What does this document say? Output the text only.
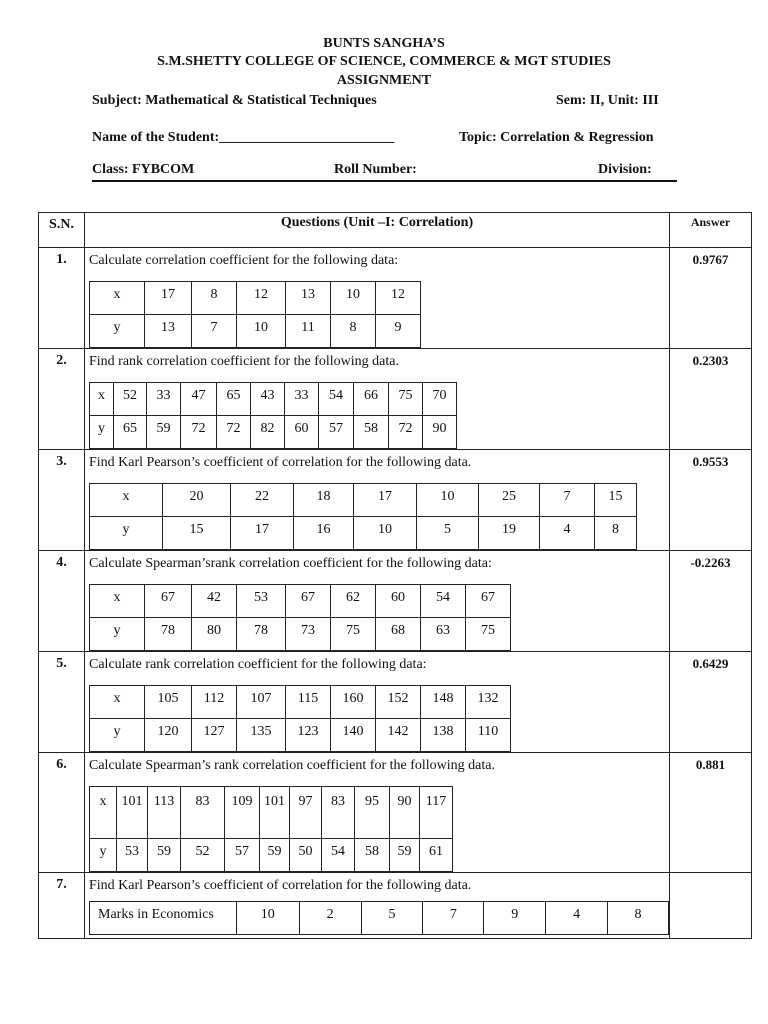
BUNTS SANGHA’S
S.M.SHETTY COLLEGE OF SCIENCE, COMMERCE & MGT STUDIES
ASSIGNMENT
Subject: Mathematical & Statistical Techniques	Sem: II, Unit: III
Name of the Student:_________________________	Topic: Correlation & Regression
Class: FYBCOM	Roll Number:	Division:
S.N.	Questions (Unit –I: Correlation)	Answer
1.	Calculate correlation coefficient for the following data:
x	17	8	12	13	10	12
y	13	7	10	11	8	9
	0.9767
2.	Find rank correlation coefficient for the following data.
x	52	33	47	65	43	33	54	66	75	70
y	65	59	72	72	82	60	57	58	72	90
	0.2303
3.	Find Karl Pearson’s coefficient of correlation for the following data.
x	20	22	18	17	10	25	7	15
y	15	17	16	10	5	19	4	8
	0.9553
4.	Calculate Spearman’srank correlation coefficient for the following data:
x	67	42	53	67	62	60	54	67
y	78	80	78	73	75	68	63	75
	-0.2263
5.	Calculate rank correlation coefficient for the following data:
x	105	112	107	115	160	152	148	132
y	120	127	135	123	140	142	138	110
	0.6429
6.	Calculate Spearman’s rank correlation coefficient for the following data.
x	101	113	83	109	101	97	83	95	90	117
y	53	59	52	57	59	50	54	58	59	61
	0.881
7.	Find Karl Pearson’s coefficient of correlation for the following data.
Marks in Economics	10	2	5	7	9	4	8
